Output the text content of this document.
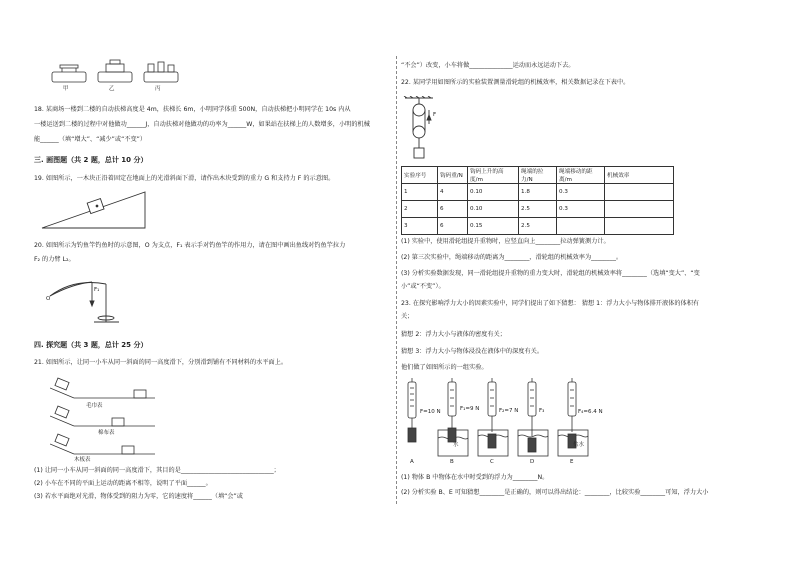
甲	乙	丙
18. 某商场一楼到二楼的自动扶梯高度是 4m，扶梯长 6m，小明同学体重 500N，自动扶梯把小明同学在 10s 内从
一楼运送到二楼的过程中对他做功______J，自动扶梯对他做功的功率为______W，如果站在扶梯上的人数增多，小明的机械
能______（填“增大”、“减少”或“不变”）
三. 画图题（共 2 题，总计 10 分）
19. 如图所示，一木块正沿着固定在地面上的光滑斜面下滑，请作出木块受到的重力 G 和支持力 F 的示意图。
20. 如图所示为钓鱼竿钓鱼时的示意图，O 为支点，F₁ 表示手对钓鱼竿的作用力，请在图中画出鱼线对钓鱼竿拉力
F₂ 的力臂 L₂。
F₁
O
四. 探究题（共 3 题，总计 25 分）
21. 如图所示，让同一小车从同一斜面的同一高度滑下，分别滑到铺有不同材料的水平面上。
毛巾表
棉布表
木板表
(1) 让同一小车从同一斜面的同一高度滑下，其目的是______________________________；
(2) 小车在不同的平面上运动的距离不相等，说明了平面______。
(3) 若水平面绝对光滑，物体受到的阻力为零，它的速度将______（填“会”或
“不会”）改变，小车将做______________运动而永远运动下去。
22. 某同学用如图所示的实验装置测量滑轮组的机械效率，相关数据记录在下表中。
F
实验序号	钩码重/N	钩码上升的高度/m	绳端的拉力/N	绳端移动的距离/m	机械效率
1	4	0.10	1.8	0.3	
2	6	0.10	2.5	0.3	
3	6	0.15	2.5		
(1) 实验中，使用滑轮组提升重物时，应竖直向上________拉动弹簧测力计。
(2) 第三次实验中，绳端移动的距离为________，滑轮组的机械效率为________。
(3) 分析实验数据发现，同一滑轮组提升重物的重力变大时，滑轮组的机械效率将________（选填“变大”、“变
小”或“不变”）。
23. 在探究影响浮力大小的因素实验中，同学们提出了如下猜想： 猜想 1：浮力大小与物体排开液体的体积有
关；
猜想 2：浮力大小与液体的密度有关；
猜想 3：浮力大小与物体浸没在液体中的深度有关。
他们做了如图所示的一组实验。
F=10 N	F₁=9 N	F₂=7 N	F₃	F₄=6.4 N
水	盐水
A	B	C	D	E
(1) 物体 B 中物体在水中时受到的浮力为________N。
(2) 分析实验 B、E 可知猜想________是正确的，则可以得出结论：________，比较实验________可知，浮力大小
